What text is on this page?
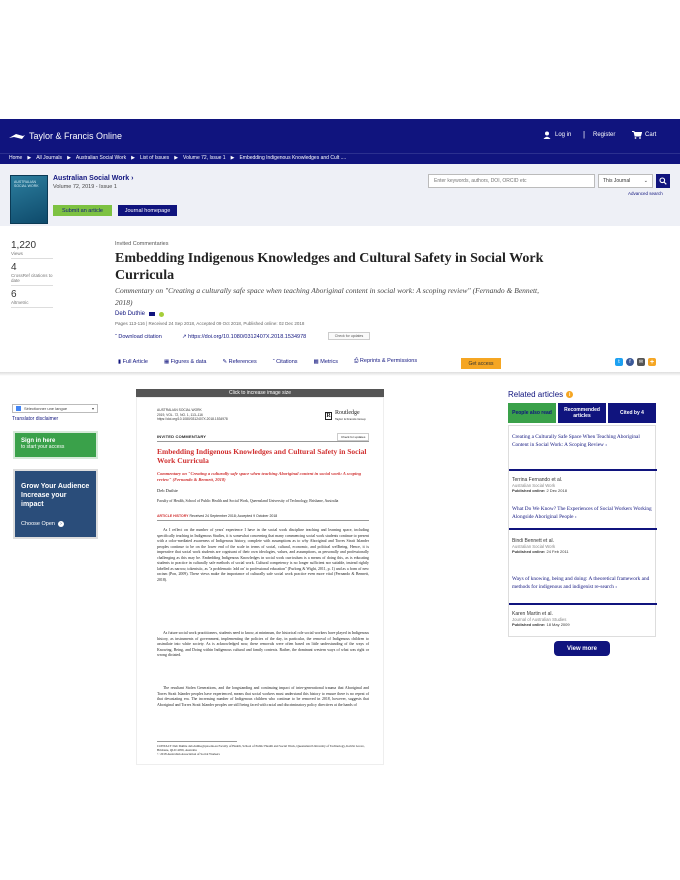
Taylor & Francis Online	Log in | Register	Cart
Home ▶ All Journals ▶ Australian Social Work ▶ List of Issues ▶ Volume 72, Issue 1 ▶ Embedding Indigenous Knowledges and Cult ....
AUSTRALIAN SOCIAL WORK
Australian Social Work ›
Volume 72, 2019 - Issue 1
Submit an article	Journal homepage
Enter keywords, authors, DOI, ORCID etc
This Journal	⌄
Advanced search
1,220
Views
4
CrossRef citations to date
6
Altmetric
Invited Commentaries
Embedding Indigenous Knowledges and Cultural Safety in Social Work Curricula
Commentary on "Creating a culturally safe space when teaching Aboriginal content in social work: A scoping review" (Fernando & Bennett, 2018)
Deb Duthie
Pages 113-116 | Received 24 Sep 2018, Accepted 09 Oct 2018, Published online: 02 Dec 2018
“ Download citation	↗ https://doi.org/10.1080/0312407X.2018.1534978	Check for updates
▮ Full Article	▦ Figures & data	✎ References	“ Citations	▩ Metrics	⎙ Reprints & Permissions	Get access	t	f	✉ +
Sélectionner une langue	▾
Translator disclaimer
Sign in here
to start your access
Grow Your Audience
Increase your impact
Choose Open	›
Click to increase image size
AUSTRALIAN SOCIAL WORK
2019, VOL. 72, NO. 1, 113–116
https://doi.org/10.1080/0312407X.2018.1534978	R Routledge
Taylor & Francis Group
Check for updates
INVITED COMMENTARY
Embedding Indigenous Knowledges and Cultural Safety in Social Work Curricula
Commentary on "Creating a culturally safe space when teaching Aboriginal content in social work: A scoping review" (Fernando & Bennett, 2018)
Deb Duthie
Faculty of Health, School of Public Health and Social Work, Queensland University of Technology, Brisbane, Australia
ARTICLE HISTORY Received 24 September 2018; Accepted 9 October 2018
As I reflect on the number of years' experience I have in the social work discipline teaching and learning space, including specifically teaching in Indigenous Studies, it is somewhat concerning that many commencing social work students continue to present with a color-mediated awareness of Indigenous history, complete with assumptions as to why Aboriginal and Torres Strait Islander peoples continue to be on the lower end of the scale in terms of social, cultural, economic, and political wellbeing. Hence, it is imperative that social work students are cognisant of their own ideologies, values, and assumptions, as personally and professionally challenging as this may be. Embedding Indigenous Knowledges in social work curriculum is a means of doing this, as is educating students to practice in culturally safe methods of social work. Cultural competency is no longer sufficient nor suitable, instead rightly labelled as narrow, tokenistic, as "a problematic 'add on' to professional education" (Furlong & Wight, 2011, p. 1) and as a form of new racism (Pon, 2009). These views make the importance of culturally safe social work practice even more vital (Fernando & Bennett, 2018).
As future social work practitioners, students need to know, at minimum, the historical role social workers have played in Indigenous history, as instruments of government, implementing the policies of the day, in particular, the removal of Indigenous children to assimilate into white society. As is acknowledged now, these removals were often based on little understanding of the ways of Knowing, Being, and Doing within Indigenous cultural and family contexts. Rather, the dominant western ways of what was right or wrong dictated.
The resultant Stolen Generations, and the longstanding and continuing impact of inter-generational trauma that Aboriginal and Torres Strait Islander peoples have experienced, means that social workers must understand this history to ensure there is no repeat of that devastating era. The increasing number of Indigenous children who continue to be removed in 2018, however, suggests that Aboriginal and Torres Strait Islander peoples are still being faced with racial and discriminatory policy directives at the hands of
CONTACT Deb Duthie deb.duthie@qut.edu.au Faculty of Health, School of Public Health and Social Work, Queensland University of Technology, Kelvin Grove, Brisbane, QLD 4059, Australia
© 2018 Australian Association of Social Workers
Related articles	i
People also read	Recommended articles	Cited by 4
Creating a Culturally Safe Space When Teaching Aboriginal Content in Social Work: A Scoping Review ›
Terrina Fernando et al.
Australian Social Work
Published online: 2 Dec 2018
What Do We Know? The Experiences of Social Workers Working Alongside Aboriginal People ›
Bindi Bennett et al.
Australian Social Work
Published online: 24 Feb 2011
Ways of knowing, being and doing: A theoretical framework and methods for indigenous and indigenist re-search ›
Karen Martin et al.
Journal of Australian Studies
Published online: 18 May 2009
View more
